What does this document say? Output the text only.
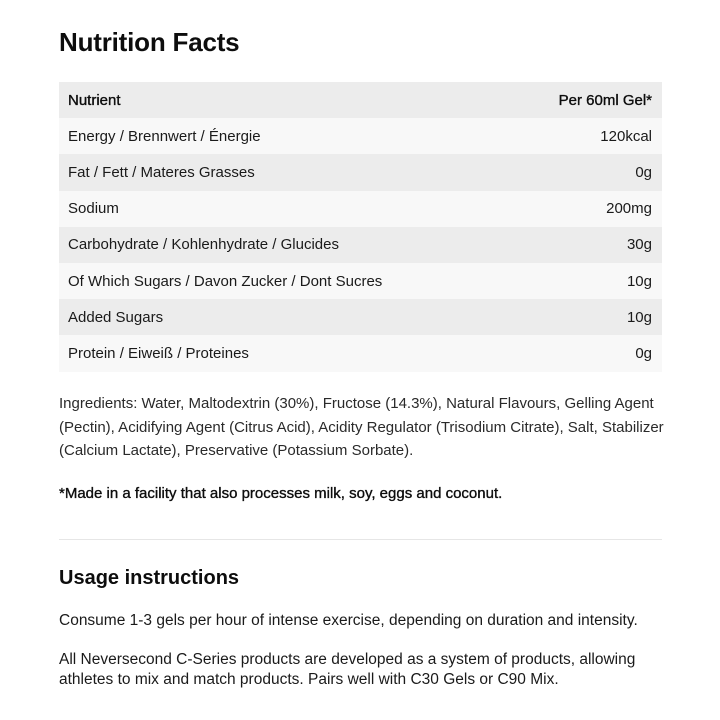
Nutrition Facts
Nutrient	Per 60ml Gel*
Energy / Brennwert / Énergie	120kcal
Fat / Fett / Materes Grasses	0g
Sodium	200mg
Carbohydrate / Kohlenhydrate / Glucides	30g
Of Which Sugars / Davon Zucker / Dont Sucres	10g
Added Sugars	10g
Protein / Eiweiß / Proteines	0g
Ingredients: Water, Maltodextrin (30%), Fructose (14.3%), Natural Flavours, Gelling Agent (Pectin), Acidifying Agent (Citrus Acid), Acidity Regulator (Trisodium Citrate), Salt, Stabilizer (Calcium Lactate), Preservative (Potassium Sorbate).
*Made in a facility that also processes milk, soy, eggs and coconut.
Usage instructions
Consume 1-3 gels per hour of intense exercise, depending on duration and intensity.
All Neversecond C-Series products are developed as a system of products, allowing athletes to mix and match products. Pairs well with C30 Gels or C90 Mix.
